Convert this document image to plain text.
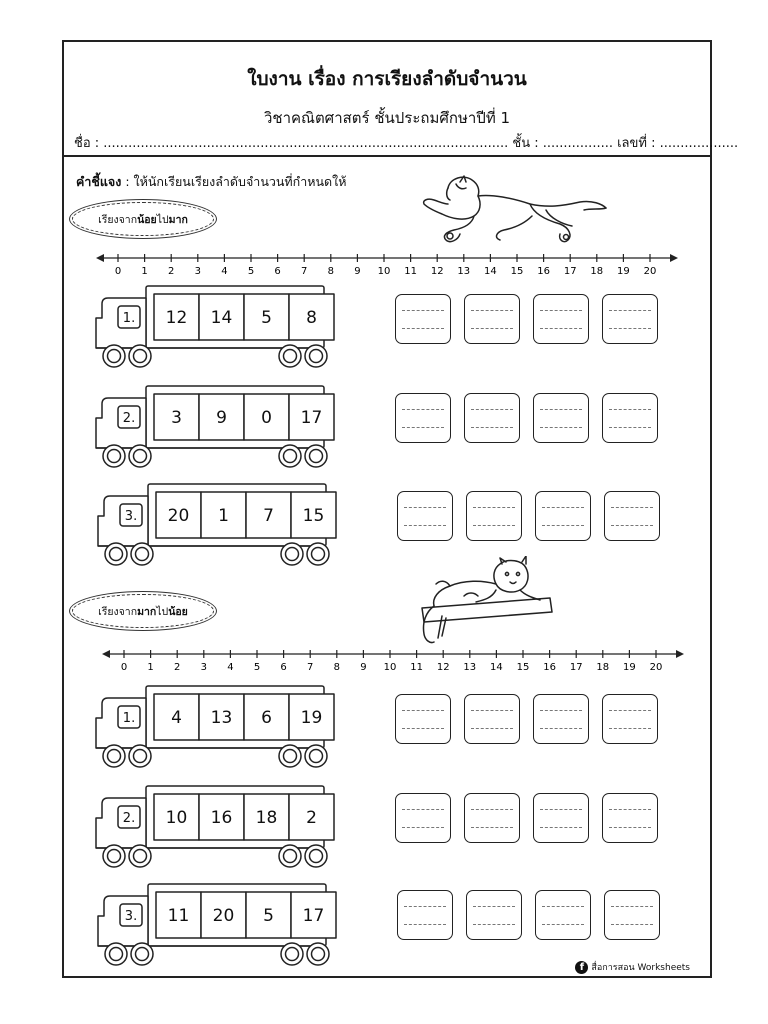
ใบงาน เรื่อง การเรียงลำดับจำนวน
วิชาคณิตศาสตร์ ชั้นประถมศึกษาปีที่ 1
ชื่อ : .................................................................................................. ชั้น : ................. เลขที่ : ...................
คำชี้แจง : ให้นักเรียนเรียงลำดับจำนวนที่กำหนดให้
เรียงจาก น้อย ไป มาก
0 1 2 3 4 5 6 7 8 9 10 11 12 13 14 15 16 17 18 19 20
เรียงจาก มาก ไป น้อย
0 1 2 3 4 5 6 7 8 9 10 11 12 13 14 15 16 17 18 19 20
1. 12 14 5 8
2. 3 9 0 17
3. 20 1 7 15
1. 4 13 6 19
2. 10 16 18 2
3. 11 20 5 17
f สื่อการสอน Worksheets
